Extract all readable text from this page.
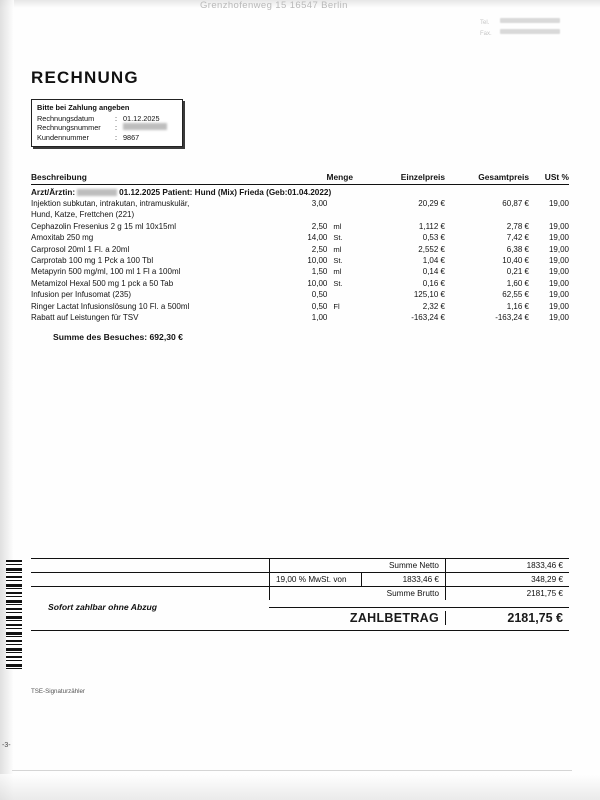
Grenzhofenweg 15 16547 Berlin
Tel.
Fax.
RECHNUNG
Bitte bei Zahlung angeben
Rechnungsdatum	: 01.12.2025
Rechnungsnummer	:
Kundennummer	: 9867
Beschreibung	Menge	Einzelpreis	Gesamtpreis	USt %
Arzt/Ärztin:	01.12.2025 Patient: Hund (Mix) Frieda (Geb:01.04.2022)
Injektion subkutan, intrakutan, intramuskulär,	3,00	20,29 €	60,87 €	19,00
Hund, Katze, Frettchen (221)
Cephazolin Fresenius 2 g 15 ml 10x15ml	2,50 ml	1,112 €	2,78 €	19,00
Amoxitab 250 mg	14,00 St.	0,53 €	7,42 €	19,00
Carprosol 20ml 1 Fl. a 20ml	2,50 ml	2,552 €	6,38 €	19,00
Carprotab 100 mg 1 Pck a 100 Tbl	10,00 St.	1,04 €	10,40 €	19,00
Metapyrin 500 mg/ml, 100 ml 1 Fl a 100ml	1,50 ml	0,14 €	0,21 €	19,00
Metamizol Hexal 500 mg 1 pck a 50 Tab	10,00 St.	0,16 €	1,60 €	19,00
Infusion per Infusomat (235)	0,50	125,10 €	62,55 €	19,00
Ringer Lactat Infusionslösung 10 Fl. a 500ml	0,50 Fl	2,32 €	1,16 €	19,00
Rabatt auf Leistungen für TSV	1,00	-163,24 €	-163,24 €	19,00
Summe des Besuches: 692,30 €
-3-
Summe Netto	1833,46 €
19,00 % MwSt. von	1833,46 €	348,29 €
Summe Brutto	2181,75 €
Sofort zahlbar ohne Abzug
ZAHLBETRAG	2181,75 €
TSE-Signaturzähler
